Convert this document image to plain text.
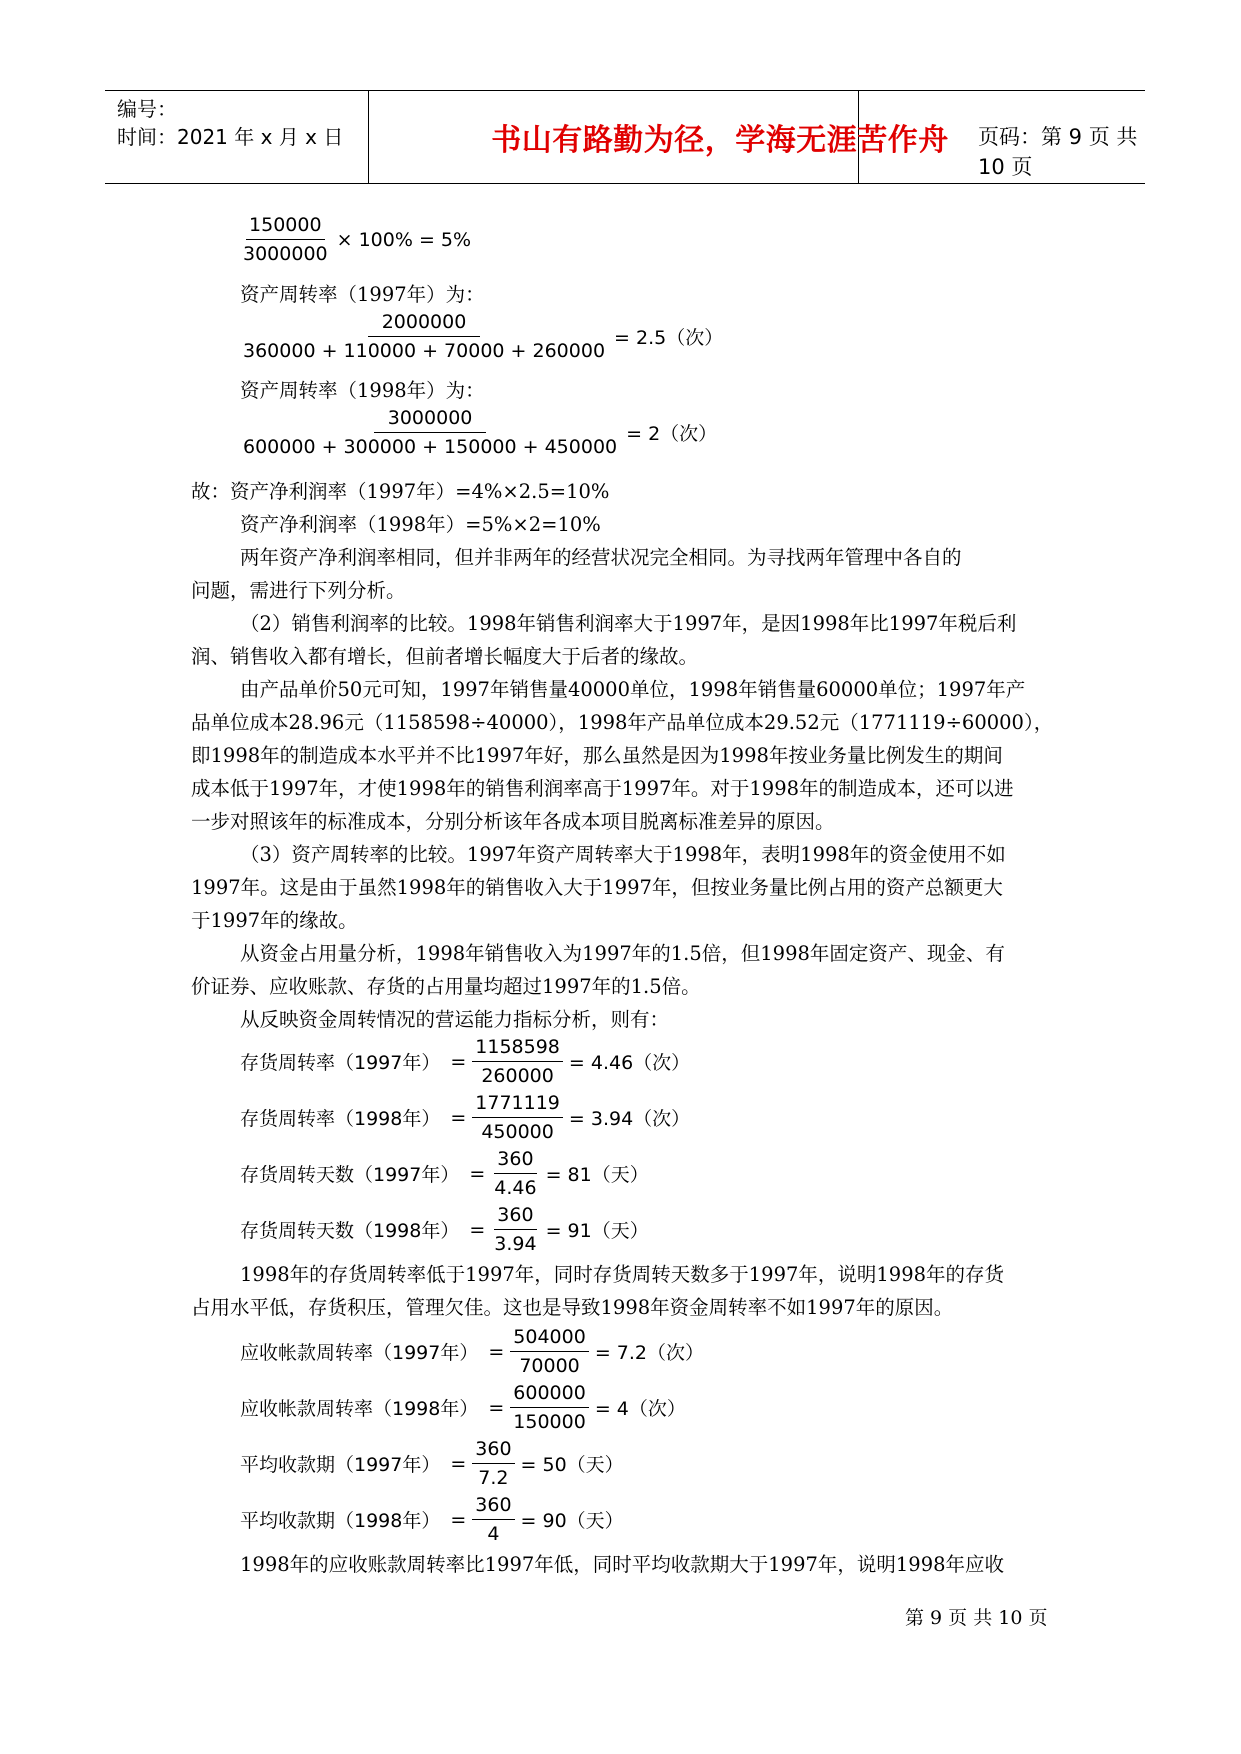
编号：
时间：2021 年 x 月 x 日	书山有路勤为径，学海无涯苦作舟	页码：第 9 页 共 10 页
$\frac{150000}{3000000} \times 100\% = 5\%$
资产周转率（1997年）为：
$\frac{2000000}{360000 + 110000 + 70000 + 260000} = 2.5$（次）
资产周转率（1998年）为：
$\frac{3000000}{600000 + 300000 + 150000 + 450000} = 2$（次）
故：资产净利润率（1997年）=4%×2.5=10%
资产净利润率（1998年）=5%×2=10%
两年资产净利润率相同，但并非两年的经营状况完全相同。为寻找两年管理中各自的
问题，需进行下列分析。
（2）销售利润率的比较。1998年销售利润率大于1997年，是因1998年比1997年税后利
润、销售收入都有增长，但前者增长幅度大于后者的缘故。
由产品单价50元可知，1997年销售量40000单位，1998年销售量60000单位；1997年产
品单位成本28.96元（1158598÷40000），1998年产品单位成本29.52元（1771119÷60000），
即1998年的制造成本水平并不比1997年好，那么虽然是因为1998年按业务量比例发生的期间
成本低于1997年，才使1998年的销售利润率高于1997年。对于1998年的制造成本，还可以进
一步对照该年的标准成本，分别分析该年各成本项目脱离标准差异的原因。
（3）资产周转率的比较。1997年资产周转率大于1998年，表明1998年的资金使用不如
1997年。这是由于虽然1998年的销售收入大于1997年，但按业务量比例占用的资产总额更大
于1997年的缘故。
从资金占用量分析，1998年销售收入为1997年的1.5倍，但1998年固定资产、现金、有
价证券、应收账款、存货的占用量均超过1997年的1.5倍。
从反映资金周转情况的营运能力指标分析，则有：
存货周转率（1997年） = $\frac{1158598}{260000} = 4.46$（次）
存货周转率（1998年） = $\frac{1771119}{450000} = 3.94$（次）
存货周转天数（1997年） = $\frac{360}{4.46} = 81$（天）
存货周转天数（1998年） = $\frac{360}{3.94} = 91$（天）
1998年的存货周转率低于1997年，同时存货周转天数多于1997年，说明1998年的存货
占用水平低，存货积压，管理欠佳。这也是导致1998年资金周转率不如1997年的原因。
应收帐款周转率（1997年） = $\frac{504000}{70000} = 7.2$（次）
应收帐款周转率（1998年） = $\frac{600000}{150000} = 4$（次）
平均收款期（1997年） = $\frac{360}{7.2} = 50$（天）
平均收款期（1998年） = $\frac{360}{4} = 90$（天）
1998年的应收账款周转率比1997年低，同时平均收款期大于1997年，说明1998年应收
第 9 页 共 10 页
